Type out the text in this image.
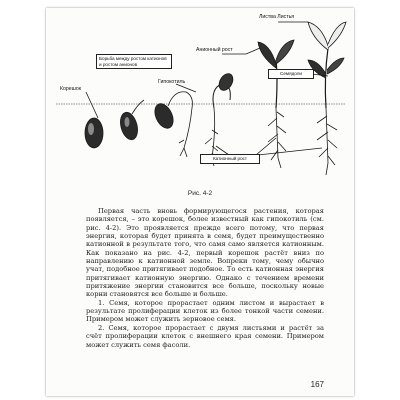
Корешок
Анионный рост
Листва Листья
Борьба между ростом катионов и ростом анионов
Гипокотиль
Семядоли
Катионный рост
Рис. 4-2

Первая часть вновь формирующегося растения, которая появляется, – это корешок, более известный как гипокотиль (см. рис. 4-2). Это проявляется прежде всего потому, что первая энергия, которая будет принята в семя, будет преимущественно катионной в результате того, что самя само является катионным. Как показано на рис. 4-2, первый корешок растёт вниз по направлению к катионной земле. Вопреки тому, чему обычно учат, подобное притягивает подобное. То есть катионная энергия притягивает катионную энергию. Однако с течением времени притяжение энергии становится все больше, поскольку новые корни становятся все больше и больше.

1. Семя, которое прорастает одним листом и вырастает в результате пролиферации клеток из более тонкой части семени. Примером может служить зерновое семя.

2. Семя, которое прорастает с двумя листьями и растёт за счёт пролиферации клеток с внешнего края семени. Примером может служить семя фасоли.

167
